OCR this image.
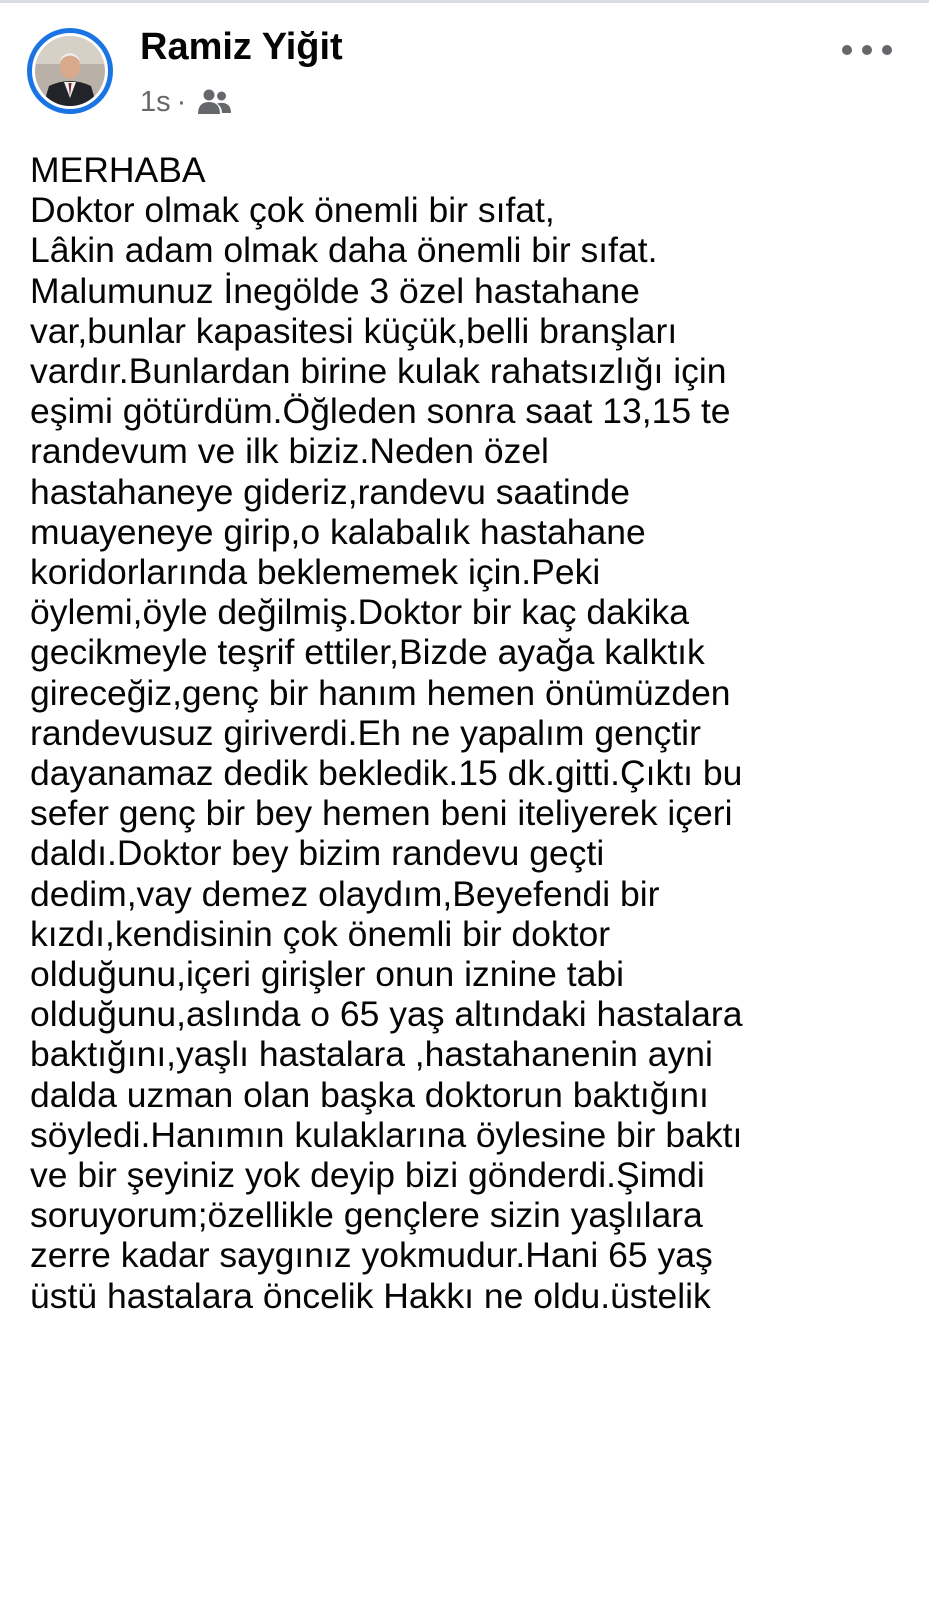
Ramiz Yiğit
1s ·
MERHABA
Doktor olmak çok önemli bir sıfat,
Lâkin adam olmak daha önemli bir sıfat.
Malumunuz İnegölde 3 özel hastahane
var,bunlar kapasitesi küçük,belli branşları
vardır.Bunlardan birine kulak rahatsızlığı için
eşimi götürdüm.Öğleden sonra saat 13,15 te
randevum ve ilk biziz.Neden özel
hastahaneye gideriz,randevu saatinde
muayeneye girip,o kalabalık hastahane
koridorlarında beklememek için.Peki
öylemi,öyle değilmiş.Doktor bir kaç dakika
gecikmeyle teşrif ettiler,Bizde ayağa kalktık
gireceğiz,genç bir hanım hemen önümüzden
randevusuz giriverdi.Eh ne yapalım gençtir
dayanamaz dedik bekledik.15 dk.gitti.Çıktı bu
sefer genç bir bey hemen beni iteliyerek içeri
daldı.Doktor bey bizim randevu geçti
dedim,vay demez olaydım,Beyefendi bir
kızdı,kendisinin çok önemli bir doktor
olduğunu,içeri girişler onun iznine tabi
olduğunu,aslında o 65 yaş altındaki hastalara
baktığını,yaşlı hastalara ,hastahanenin ayni
dalda uzman olan başka doktorun baktığını
söyledi.Hanımın kulaklarına öylesine bir baktı
ve bir şeyiniz yok deyip bizi gönderdi.Şimdi
soruyorum;özellikle gençlere sizin yaşlılara
zerre kadar saygınız yokmudur.Hani 65 yaş
üstü hastalara öncelik Hakkı ne oldu.üstelik
